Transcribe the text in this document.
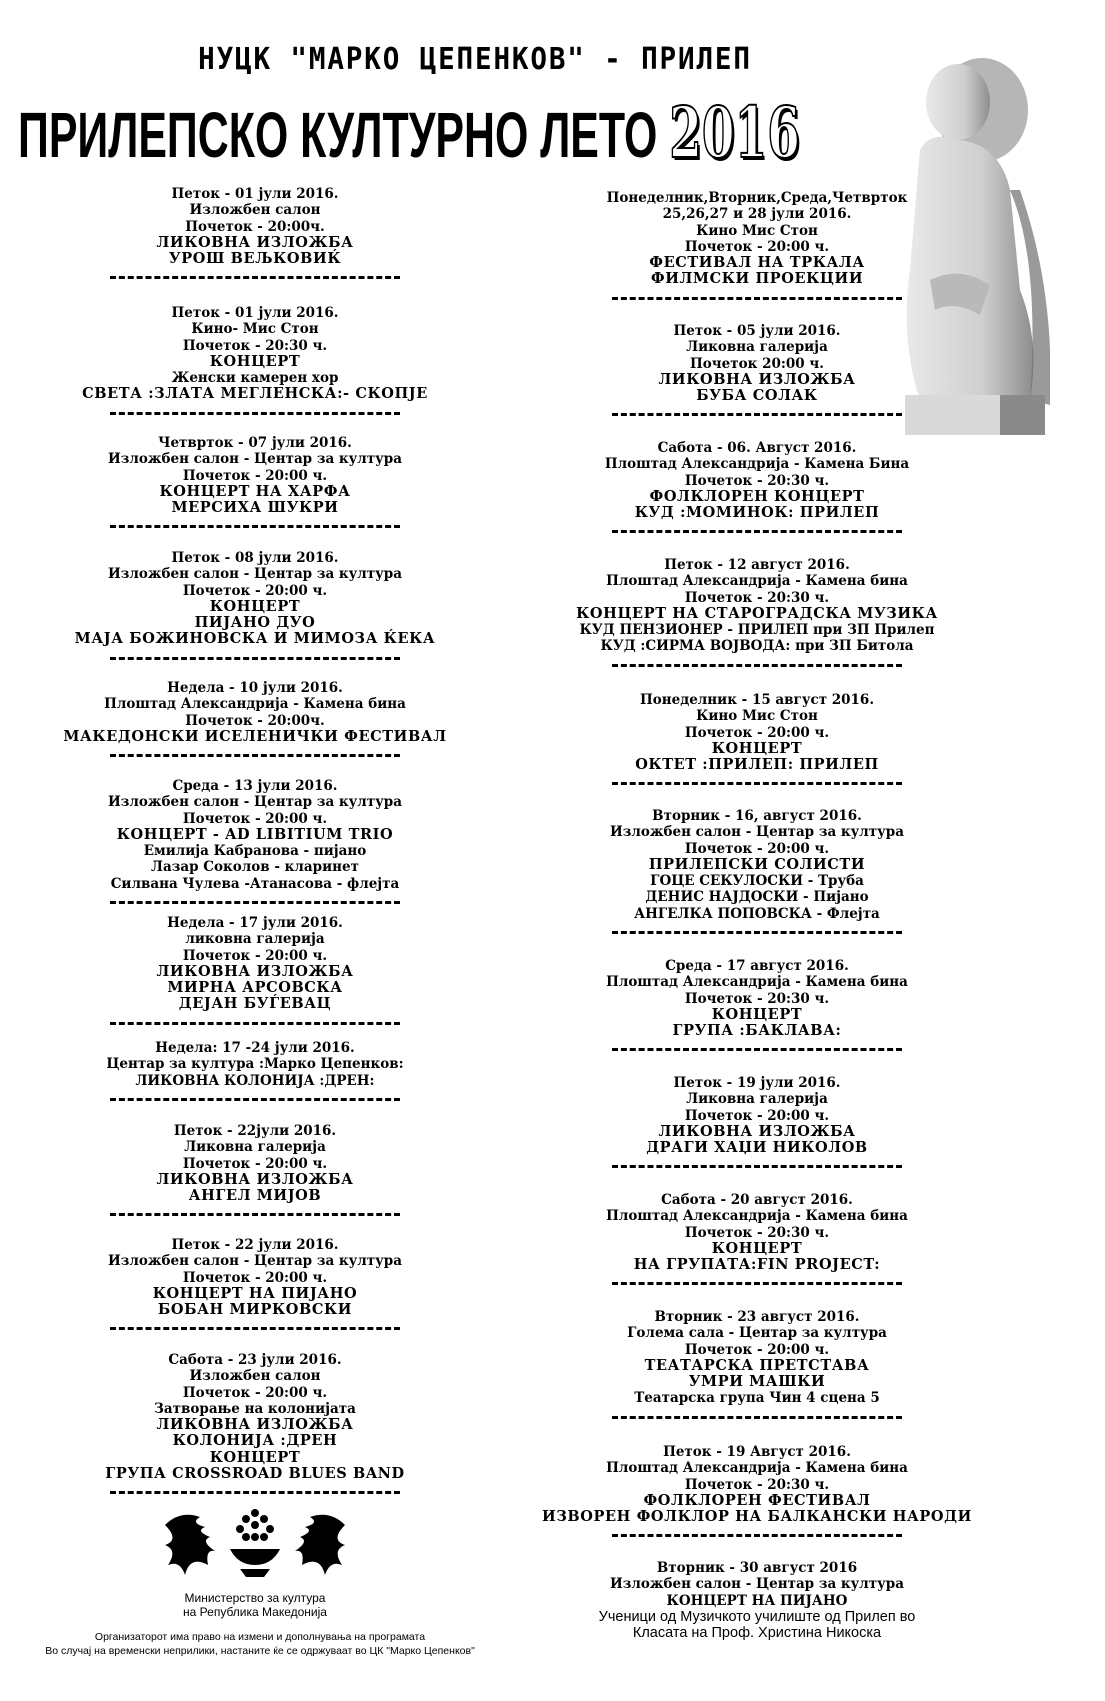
НУЦК "МАРКО ЦЕПЕНКОВ" - ПРИЛЕП
ПРИЛЕПСКО КУЛТУРНО ЛЕТО 2016
Петок - 01 јули 2016.
Изложбен салон
Почеток - 20:00ч.
ЛИКОВНА ИЗЛОЖБА
УРОШ ВЕЉКОВИЌ
Петок - 01 јули 2016.
Кино- Мис Стон
Почеток - 20:30 ч.
КОНЦЕРТ
Женски камерен хор
СВЕТА :ЗЛАТА МЕГЛЕНСКА:- СКОПЈЕ
Четврток - 07 јули 2016.
Изложбен салон - Центар за култура
Почеток - 20:00 ч.
КОНЦЕРТ НА ХАРФА
МЕРСИХА ШУКРИ
Петок - 08 јули 2016.
Изложбен салон - Центар за култура
Почеток - 20:00 ч.
КОНЦЕРТ
ПИЈАНО ДУО
МАЈА БОЖИНОВСКА И МИМОЗА ЌЕКА
Недела - 10 јули 2016.
Плоштад Александрија - Камена бина
Почеток - 20:00ч.
МАКЕДОНСКИ ИСЕЛЕНИЧКИ ФЕСТИВАЛ
Среда - 13 јули 2016.
Изложбен салон - Центар за култура
Почеток - 20:00 ч.
КОНЦЕРТ - AD LIBITIUM TRIO
Емилија Кабранова - пијано
Лазар Соколов - кларинет
Силвана Чулева -Атанасова - флејта
Недела - 17 јули 2016.
ликовна галерија
Почеток - 20:00 ч.
ЛИКОВНА ИЗЛОЖБА
МИРНА АРСОВСКА
ДЕЈАН БУЃЕВАЦ
Недела: 17 -24 јули 2016.
Центар за култура :Марко Цепенков:
ЛИКОВНА КОЛОНИЈА :ДРЕН:
Петок - 22јули 2016.
Ликовна галерија
Почеток - 20:00 ч.
ЛИКОВНА ИЗЛОЖБА
АНГЕЛ МИЈОВ
Петок - 22 јули 2016.
Изложбен салон - Центар за култура
Почеток - 20:00 ч.
КОНЦЕРТ НА ПИЈАНО
БОБАН МИРКОВСКИ
Сабота - 23 јули 2016.
Изложбен салон
Почеток - 20:00 ч.
Затворање на колонијата
ЛИКОВНА ИЗЛОЖБА
КОЛОНИЈА :ДРЕН
КОНЦЕРТ
ГРУПА CROSSROAD BLUES BAND
Понеделник,Вторник,Среда,Четврток
25,26,27 и 28 јули 2016.
Кино Мис Стон
Почеток - 20:00 ч.
ФЕСТИВАЛ НА ТРКАЛА
ФИЛМСКИ ПРОЕКЦИИ
Петок - 05 јули 2016.
Ликовна галерија
Почеток 20:00 ч.
ЛИКОВНА ИЗЛОЖБА
БУБА СОЛАК
Сабота - 06. Август 2016.
Плоштад Александрија - Камена Бина
Почеток - 20:30 ч.
ФОЛКЛОРЕН КОНЦЕРТ
КУД :МОМИНОК: ПРИЛЕП
Петок - 12 август 2016.
Плоштад Александрија - Камена бина
Почеток - 20:30 ч.
КОНЦЕРТ НА СТАРОГРАДСКА МУЗИКА
КУД ПЕНЗИОНЕР - ПРИЛЕП при ЗП Прилеп
КУД :СИРМА ВОЈВОДА: при ЗП Битола
Понеделник - 15 август 2016.
Кино Мис Стон
Почеток - 20:00 ч.
КОНЦЕРТ
ОКТЕТ :ПРИЛЕП: ПРИЛЕП
Вторник - 16, август 2016.
Изложбен салон - Центар за култура
Почеток - 20:00 ч.
ПРИЛЕПСКИ СОЛИСТИ
ГОЦЕ СЕКУЛОСКИ - Труба
ДЕНИС НАЈДОСКИ - Пијано
АНГЕЛКА ПОПОВСКА - Флејта
Среда - 17 август 2016.
Плоштад Александрија - Камена бина
Почеток - 20:30 ч.
КОНЦЕРТ
ГРУПА :БАКЛАВА:
Петок - 19 јули 2016.
Ликовна галерија
Почеток - 20:00 ч.
ЛИКОВНА ИЗЛОЖБА
ДРАГИ ХАЏИ НИКОЛОВ
Сабота - 20 август 2016.
Плоштад Александрија - Камена бина
Почеток - 20:30 ч.
КОНЦЕРТ
НА ГРУПАТА:FIN PROJECT:
Вторник - 23 август 2016.
Голема сала - Центар за култура
Почеток - 20:00 ч.
ТЕАТАРСКА ПРЕТСТАВА
УМРИ МАШКИ
Театарска група Чин 4 сцена 5
Петок - 19 Август 2016.
Плоштад Александрија - Камена бина
Почеток - 20:30 ч.
ФОЛКЛОРЕН ФЕСТИВАЛ
ИЗВОРЕН ФОЛКЛОР НА БАЛКАНСКИ НАРОДИ
Вторник - 30 август 2016
Изложбен салон - Центар за култура
КОНЦЕРТ НА ПИЈАНО
Ученици од Музичкото училиште од Прилеп во
Класата на Проф. Христина Никоска
Министерство за култура
на Република Македонија
Организаторот има право на измени и дополнувања на програмата
Во случај на временски неприлики, настаните ќе се одржуваат во ЦК "Марко Цепенков"
